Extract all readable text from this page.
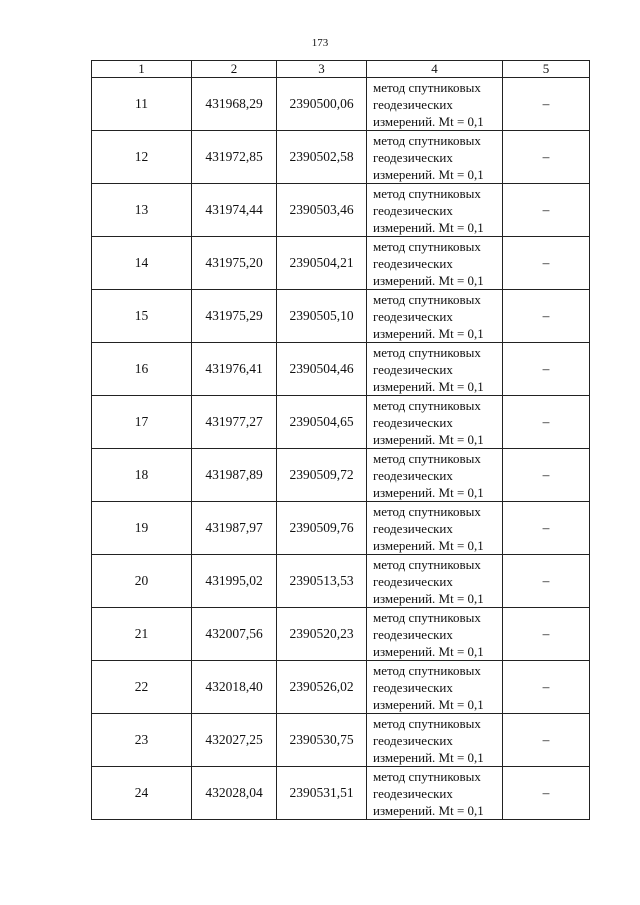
173
1	2	3	4	5
11	431968,29	2390500,06	метод спутниковых
геодезических
измерений. Mt = 0,1	–
12	431972,85	2390502,58	метод спутниковых
геодезических
измерений. Mt = 0,1	–
13	431974,44	2390503,46	метод спутниковых
геодезических
измерений. Mt = 0,1	–
14	431975,20	2390504,21	метод спутниковых
геодезических
измерений. Mt = 0,1	–
15	431975,29	2390505,10	метод спутниковых
геодезических
измерений. Mt = 0,1	–
16	431976,41	2390504,46	метод спутниковых
геодезических
измерений. Mt = 0,1	–
17	431977,27	2390504,65	метод спутниковых
геодезических
измерений. Mt = 0,1	–
18	431987,89	2390509,72	метод спутниковых
геодезических
измерений. Mt = 0,1	–
19	431987,97	2390509,76	метод спутниковых
геодезических
измерений. Mt = 0,1	–
20	431995,02	2390513,53	метод спутниковых
геодезических
измерений. Mt = 0,1	–
21	432007,56	2390520,23	метод спутниковых
геодезических
измерений. Mt = 0,1	–
22	432018,40	2390526,02	метод спутниковых
геодезических
измерений. Mt = 0,1	–
23	432027,25	2390530,75	метод спутниковых
геодезических
измерений. Mt = 0,1	–
24	432028,04	2390531,51	метод спутниковых
геодезических
измерений. Mt = 0,1	–
